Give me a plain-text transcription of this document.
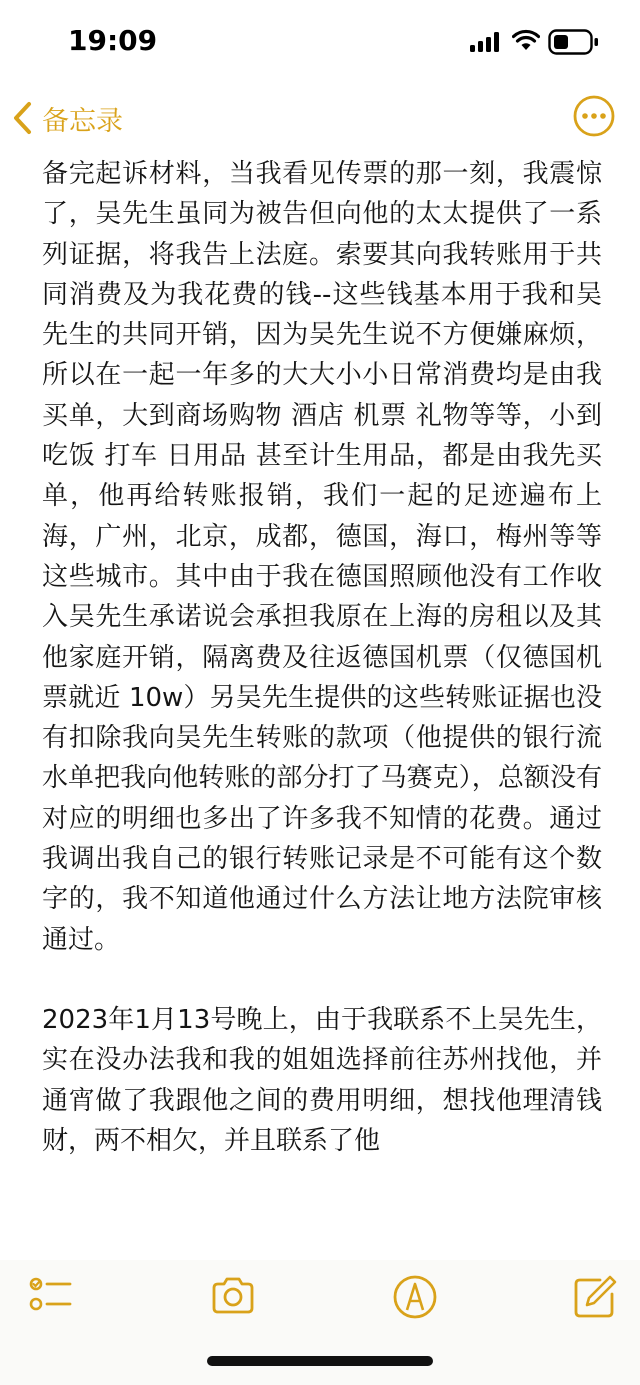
备完起诉材料，当我看见传票的那一刻，我震惊了，吴先生虽同为被告但向他的太太提供了一系列证据，将我告上法庭。索要其向我转账用于共同消费及为我花费的钱--这些钱基本用于我和吴先生的共同开销，因为吴先生说不方便嫌麻烦，所以在一起一年多的大大小小日常消费均是由我买单，大到商场购物 酒店 机票 礼物等等，小到吃饭 打车 日用品 甚至计生用品，都是由我先买单，他再给转账报销，我们一起的足迹遍布上海，广州，北京，成都，德国，海口，梅州等等这些城市。其中由于我在德国照顾他没有工作收入吴先生承诺说会承担我原在上海的房租以及其他家庭开销，隔离费及往返德国机票（仅德国机票就近 10w）另吴先生提供的这些转账证据也没有扣除我向吴先生转账的款项（他提供的银行流水单把我向他转账的部分打了马赛克），总额没有对应的明细也多出了许多我不知情的花费。通过我调出我自己的银行转账记录是不可能有这个数字的，我不知道他通过什么方法让地方法院审核通过。

2023年1月13号晚上，由于我联系不上吴先生，实在没办法我和我的姐姐选择前往苏州找他，并通宵做了我跟他之间的费用明细，想找他理清钱财，两不相欠，并且联系了他

19:09
备忘录
